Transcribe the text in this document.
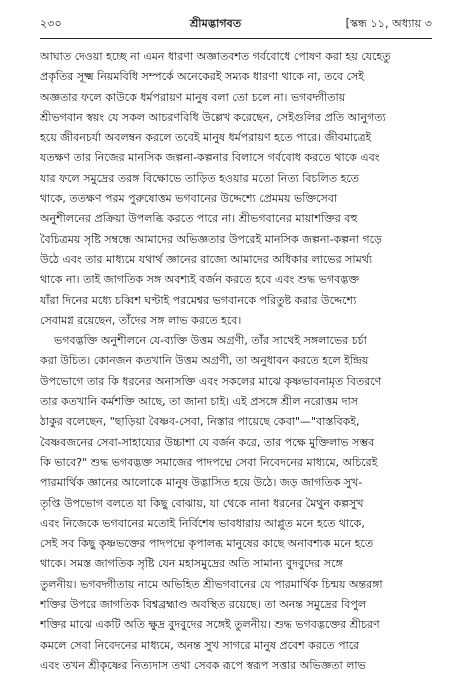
২৩০	শ্রীমদ্ভাগবত	[স্কন্ধ ১১, অধ্যায় ৩
আঘাত দেওয়া হচ্ছে না এমন ধারণা অজ্ঞাতবশত গর্ববোধে পোষণ করা হয় যেহেতু
প্রকৃতির সূক্ষ্ম নিয়মবিধি সম্পর্কে অনেকেরই সম্যক ধারণা থাকে না, তবে সেই
অজ্ঞতার ফলে কাউকে ধর্মপরায়ণ মানুষ বলা তো চলে না। ভগবদ্গীতায়
শ্রীভগবান স্বয়ং যে সকল আচরণবিধি উল্লেখ করেছেন, সেইগুলির প্রতি আনুগত্য
হয়ে জীবনচর্যা অবলম্বন করলে তবেই মানুষ ধর্মপরায়ণ হতে পারে। জীবমাত্রেই
যতক্ষণ তার নিজের মানসিক জল্পনা-কল্পনার বিলাসে গর্ববোধ করতে থাকে এবং
যার ফলে সমুদ্রের তরঙ্গ বিক্ষোভে তাড়িত হওয়ার মতো নিত্য বিচলিত হতে
থাকে, ততক্ষণ পরম পুরুষোত্তম ভগবানের উদ্দেশ্যে প্রেমময় ভক্তিসেবা
অনুশীলনের প্রক্রিয়া উপলব্ধি করতে পারে না। শ্রীভগবানের মায়াশক্তির বহু
বৈচিত্রময় সৃষ্টি সম্বন্ধে আমাদের অভিজ্ঞতার উপরেই মানসিক জল্পনা-কল্পনা গড়ে
উঠে এবং তার মাধ্যমে যথার্থ জ্ঞানের রাজ্যে আমাদের অধিকার লাভের সামর্থ্য
থাকে না। তাই জাগতিক সঙ্গ অবশ্যই বর্জন করতে হবে এবং শুদ্ধ ভগবদ্ভক্ত
যাঁরা দিনের মধ্যে চব্বিশ ঘণ্টাই পরমেশ্বর ভগবানকে পরিতুষ্ট করার উদ্দেশ্যে
সেবামগ্ন রয়েছেন, তাঁদের সঙ্গ লাভ করতে হবে।
ভগবদ্ভক্তি অনুশীলনে যে-ব্যক্তি উত্তম অগ্রণী, তাঁর সাথেই সঙ্গলাভের চর্চা
করা উচিত। কোনজন কতখানি উত্তম অগ্রণী, তা অনুধাবন করতে হলে ইন্দ্রিয়
উপভোগে তার কি ধরনের অনাসক্তি এবং সকলের মাঝে কৃষ্ণভাবনামৃত বিতরণে
তার কতখানি কর্মশক্তি আছে, তা জানা চাই। এই প্রসঙ্গে শ্রীল নরোত্তম দাস
ঠাকুর বলেছেন, "ছাড়িয়া বৈষ্ণব-সেবা, নিস্তার পায়েছে কেবা"—"বাস্তবিকই,
বৈষ্ণবজনের সেবা-সাহায্যের উচ্চাশা যে বর্জন করে, তার পক্ষে মুক্তিলাভ সম্ভব
কি ভাবে?" শুদ্ধ ভগবদ্ভক্ত সমাজের পাদপদ্মে সেবা নিবেদনের মাধ্যমে, অচিরেই
পারমার্থিক জ্ঞানের আলোকে মানুষ উদ্ভাসিত হয়ে উঠে। জড় জাগতিক সুখ-
তৃপ্তি উপভোগ বলতে যা কিছু বোঝায়, যা থেকে নানা ধরনের মৈথুন কল্পসুখ
এবং নিজেকে ভগবানের মতোই নির্বিশেষ ভাবধারায় আপ্লুত মনে হতে থাকে,
সেই সব কিছু কৃষ্ণভক্তের পাদপদ্মে কৃপালব্ধ মানুষের কাছে অনাবশ্যক মনে হতে
থাকে। সমস্ত জাগতিক সৃষ্টি যেন মহাসমুদ্রের অতি সামান্য বুদবুদের সঙ্গে
তুলনীয়। ভগবদ্গীতায় নামে অভিহিত শ্রীভগবানের যে পারমার্থিক চিন্ময় অন্তরঙ্গা
শক্তির উপরে জাগতিক বিশ্বব্রহ্মাণ্ড অবস্থিত রয়েছে। তা অনন্ত সমুদ্রের বিপুল
শক্তির মাঝে একটি অতি ক্ষুদ্র বুদবুদের সঙ্গেই তুলনীয়। শুদ্ধ ভগবদ্ভক্তের শ্রীচরণ
কমলে সেবা নিবেদনের মাধ্যমে, অনন্ত সুখ সাগরে মানুষ প্রবেশ করতে পারে
এবং তখন শ্রীকৃষ্ণের নিত্যদাস তথা সেবক রূপে স্বরূপ সত্তার অভিজ্ঞতা লাভ
